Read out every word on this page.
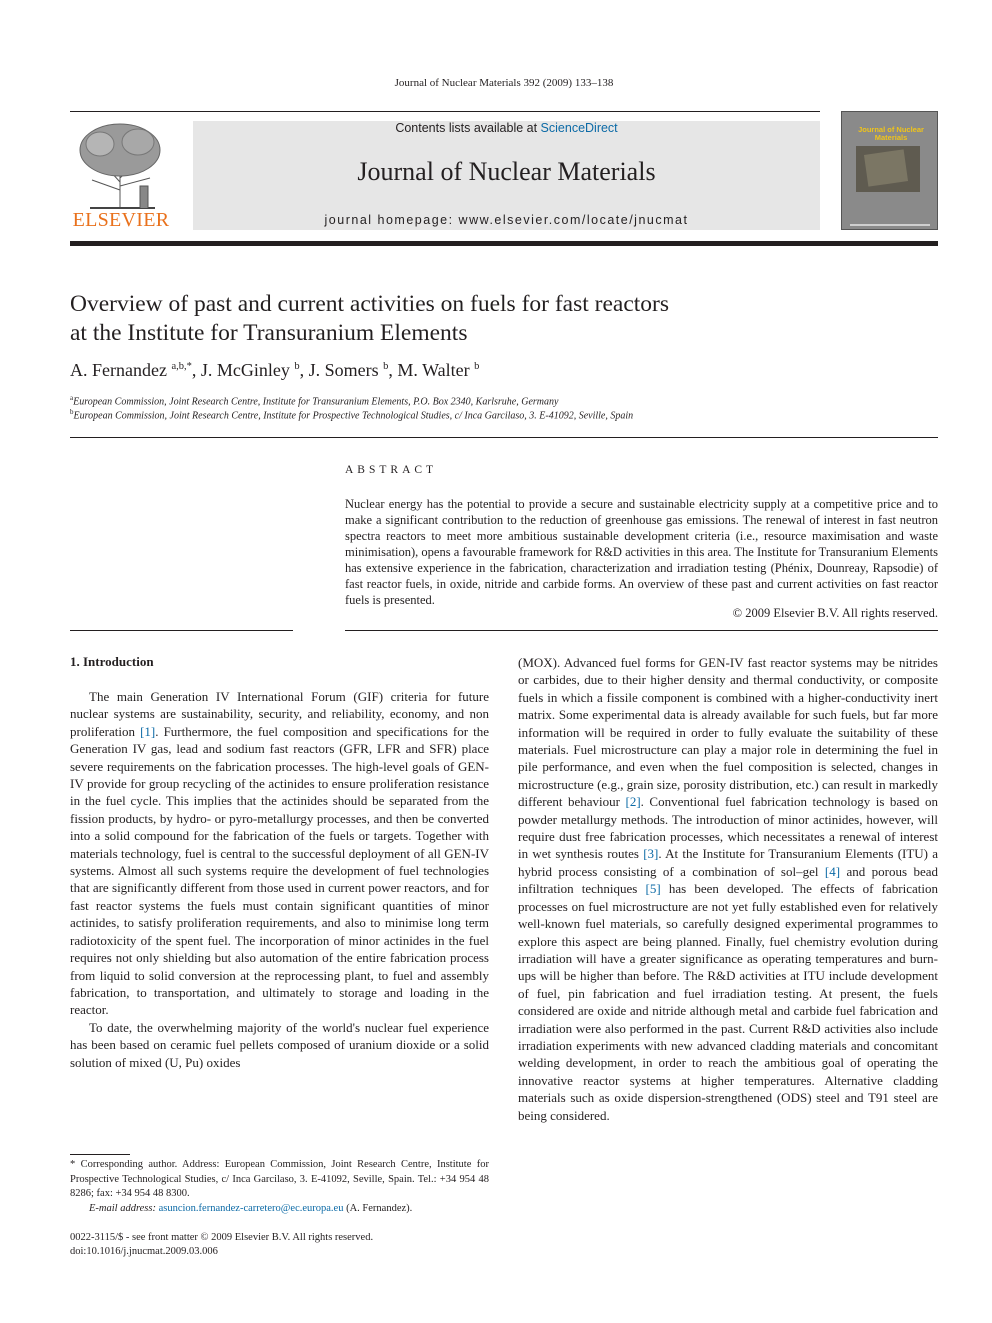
Journal of Nuclear Materials 392 (2009) 133–138
ELSEVIER
Contents lists available at ScienceDirect
Journal of Nuclear Materials
journal homepage: www.elsevier.com/locate/jnucmat
Journal of Nuclear Materials
Overview of past and current activities on fuels for fast reactors at the Institute for Transuranium Elements
A. Fernandez $^{a,b,*}$, J. McGinley $^b$, J. Somers $^b$, M. Walter $^b$
$^a$European Commission, Joint Research Centre, Institute for Transuranium Elements, P.O. Box 2340, Karlsruhe, Germany
$^b$European Commission, Joint Research Centre, Institute for Prospective Technological Studies, c/ Inca Garcilaso, 3. E-41092, Seville, Spain
ABSTRACT
Nuclear energy has the potential to provide a secure and sustainable electricity supply at a competitive price and to make a significant contribution to the reduction of greenhouse gas emissions. The renewal of interest in fast neutron spectra reactors to meet more ambitious sustainable development criteria (i.e., resource maximisation and waste minimisation), opens a favourable framework for R&D activities in this area. The Institute for Transuranium Elements has extensive experience in the fabrication, characterization and irradiation testing (Phénix, Dounreay, Rapsodie) of fast reactor fuels, in oxide, nitride and carbide forms. An overview of these past and current activities on fast reactor fuels is presented.
© 2009 Elsevier B.V. All rights reserved.
1. Introduction

The main Generation IV International Forum (GIF) criteria for future nuclear systems are sustainability, security, and reliability, economy, and non proliferation [1]. Furthermore, the fuel composition and specifications for the Generation IV gas, lead and sodium fast reactors (GFR, LFR and SFR) place severe requirements on the fabrication processes. The high-level goals of GEN-IV provide for group recycling of the actinides to ensure proliferation resistance in the fuel cycle. This implies that the actinides should be separated from the fission products, by hydro- or pyro-metallurgy processes, and then be converted into a solid compound for the fabrication of the fuels or targets. Together with materials technology, fuel is central to the successful deployment of all GEN-IV systems. Almost all such systems require the development of fuel technologies that are significantly different from those used in current power reactors, and for fast reactor systems the fuels must contain significant quantities of minor actinides, to satisfy proliferation requirements, and also to minimise long term radiotoxicity of the spent fuel. The incorporation of minor actinides in the fuel requires not only shielding but also automation of the entire fabrication process from liquid to solid conversion at the reprocessing plant, to fuel and assembly fabrication, to transportation, and ultimately to storage and loading in the reactor.

To date, the overwhelming majority of the world's nuclear fuel experience has been based on ceramic fuel pellets composed of uranium dioxide or a solid solution of mixed (U, Pu) oxides

(MOX). Advanced fuel forms for GEN-IV fast reactor systems may be nitrides or carbides, due to their higher density and thermal conductivity, or composite fuels in which a fissile component is combined with a higher-conductivity inert matrix. Some experimental data is already available for such fuels, but far more information will be required in order to fully evaluate the suitability of these materials. Fuel microstructure can play a major role in determining the fuel in pile performance, and even when the fuel composition is selected, changes in microstructure (e.g., grain size, porosity distribution, etc.) can result in markedly different behaviour [2]. Conventional fuel fabrication technology is based on powder metallurgy methods. The introduction of minor actinides, however, will require dust free fabrication processes, which necessitates a renewal of interest in wet synthesis routes [3]. At the Institute for Transuranium Elements (ITU) a hybrid process consisting of a combination of sol–gel [4] and porous bead infiltration techniques [5] has been developed. The effects of fabrication processes on fuel microstructure are not yet fully established even for relatively well-known fuel materials, so carefully designed experimental programmes to explore this aspect are being planned. Finally, fuel chemistry evolution during irradiation will have a greater significance as operating temperatures and burn-ups will be higher than before. The R&D activities at ITU include development of fuel, pin fabrication and fuel irradiation testing. At present, the fuels considered are oxide and nitride although metal and carbide fuel fabrication and irradiation were also performed in the past. Current R&D activities also include irradiation experiments with new advanced cladding materials and concomitant welding development, in order to reach the ambitious goal of operating the innovative reactor systems at higher temperatures. Alternative cladding materials such as oxide dispersion-strengthened (ODS) steel and T91 steel are being considered.

* Corresponding author. Address: European Commission, Joint Research Centre, Institute for Prospective Technological Studies, c/ Inca Garcilaso, 3. E-41092, Seville, Spain. Tel.: +34 954 48 8286; fax: +34 954 48 8300.
E-mail address: asuncion.fernandez-carretero@ec.europa.eu (A. Fernandez).
0022-3115/$ - see front matter © 2009 Elsevier B.V. All rights reserved.
doi:10.1016/j.jnucmat.2009.03.006
